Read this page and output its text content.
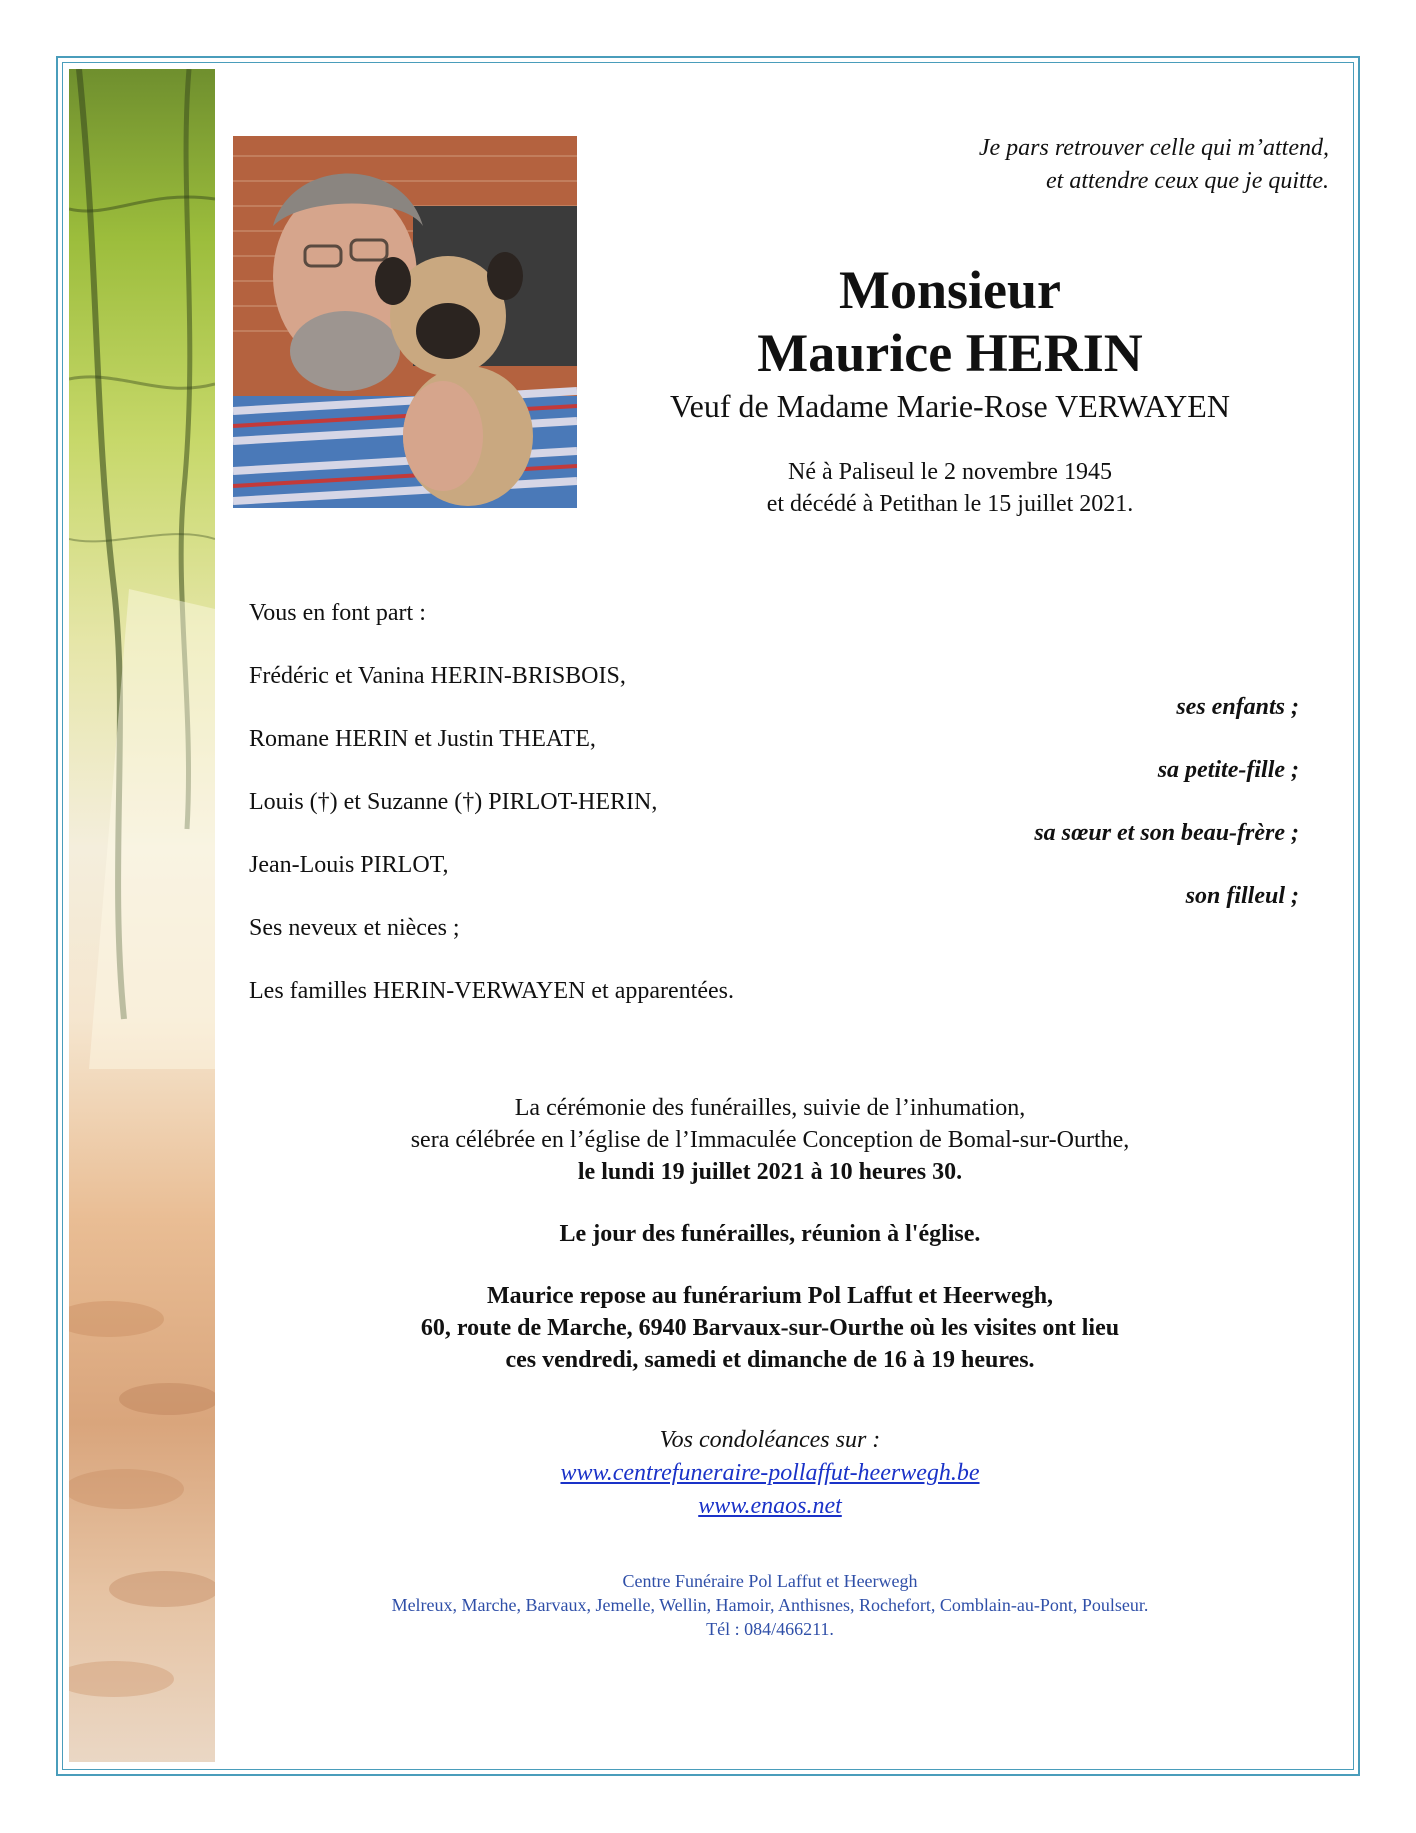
Je pars retrouver celle qui m’attend,
et attendre ceux que je quitte.
Monsieur
Maurice HERIN
Veuf de Madame Marie-Rose VERWAYEN
Né à Paliseul le 2 novembre 1945
et décédé à Petithan le 15 juillet 2021.
Vous en font part :
Frédéric et Vanina HERIN-BRISBOIS,
ses enfants ;
Romane HERIN et Justin THEATE,
sa petite-fille ;
Louis (†) et Suzanne (†) PIRLOT-HERIN,
sa sœur et son beau-frère ;
Jean-Louis PIRLOT,
son filleul ;
Ses neveux et nièces ;
Les familles HERIN-VERWAYEN et apparentées.
La cérémonie des funérailles, suivie de l’inhumation,
sera célébrée en l’église de l’Immaculée Conception de Bomal-sur-Ourthe,
le lundi 19 juillet 2021 à 10 heures 30.
Le jour des funérailles, réunion à l'église.
Maurice repose au funérarium Pol Laffut et Heerwegh,
60, route de Marche, 6940 Barvaux-sur-Ourthe où les visites ont lieu
ces vendredi, samedi et dimanche de 16 à 19 heures.
Vos condoléances sur :
www.centrefuneraire-pollaffut-heerwegh.be
www.enaos.net
Centre Funéraire Pol Laffut et Heerwegh
Melreux, Marche, Barvaux, Jemelle, Wellin, Hamoir, Anthisnes, Rochefort, Comblain-au-Pont, Poulseur.
Tél : 084/466211.
